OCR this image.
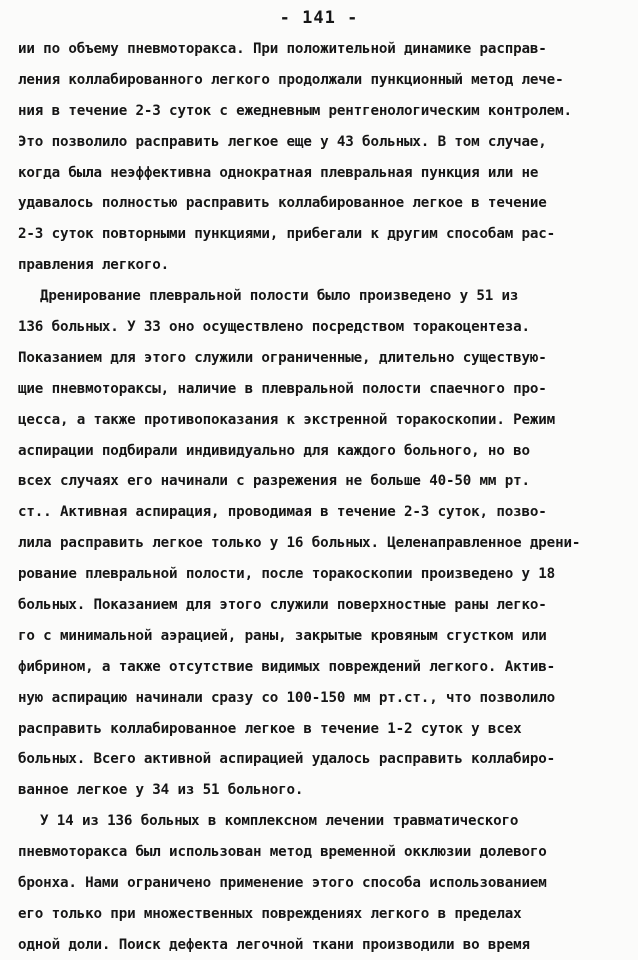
- 141 -
ии по объему пневмоторакса. При положительной динамике расправ-
ления коллабированного легкого продолжали пункционный метод лече-
ния в течение 2-3 суток с ежедневным рентгенологическим контролем.
Это позволило расправить легкое еще у 43 больных. В том случае,
когда была неэффективна однократная плевральная пункция или не
удавалось полностью расправить коллабированное легкое в течение
2-3 суток повторными пункциями, прибегали к другим способам рас-
правления легкого.
Дренирование плевральной полости было произведено у 51 из
136 больных. У 33 оно осуществлено посредством торакоцентеза.
Показанием для этого служили ограниченные, длительно существую-
щие пневмотораксы, наличие в плевральной полости спаечного про-
цесса, а также противопоказания к экстренной торакоскопии. Режим
аспирации подбирали индивидуально для каждого больного, но во
всех случаях его начинали с разрежения не больше 40-50 мм рт.
ст.. Активная аспирация, проводимая в течение 2-3 суток, позво-
лила расправить легкое только у 16 больных. Целенаправленное дрени-
рование плевральной полости, после торакоскопии произведено у 18
больных. Показанием для этого служили поверхностные раны легко-
го с минимальной аэрацией, раны, закрытые кровяным сгустком или
фибрином, а также отсутствие видимых повреждений легкого. Актив-
ную аспирацию начинали сразу со 100-150 мм рт.ст., что позволило
расправить коллабированное легкое в течение 1-2 суток у всех
больных. Всего активной аспирацией удалось расправить коллабиро-
ванное легкое у 34 из 51 больного.
У 14 из 136 больных в комплексном лечении травматического
пневмоторакса был использован метод временной окклюзии долевого
бронха. Нами ограничено применение этого способа использованием
его только при множественных повреждениях легкого в пределах
одной доли. Поиск дефекта легочной ткани производили во время
